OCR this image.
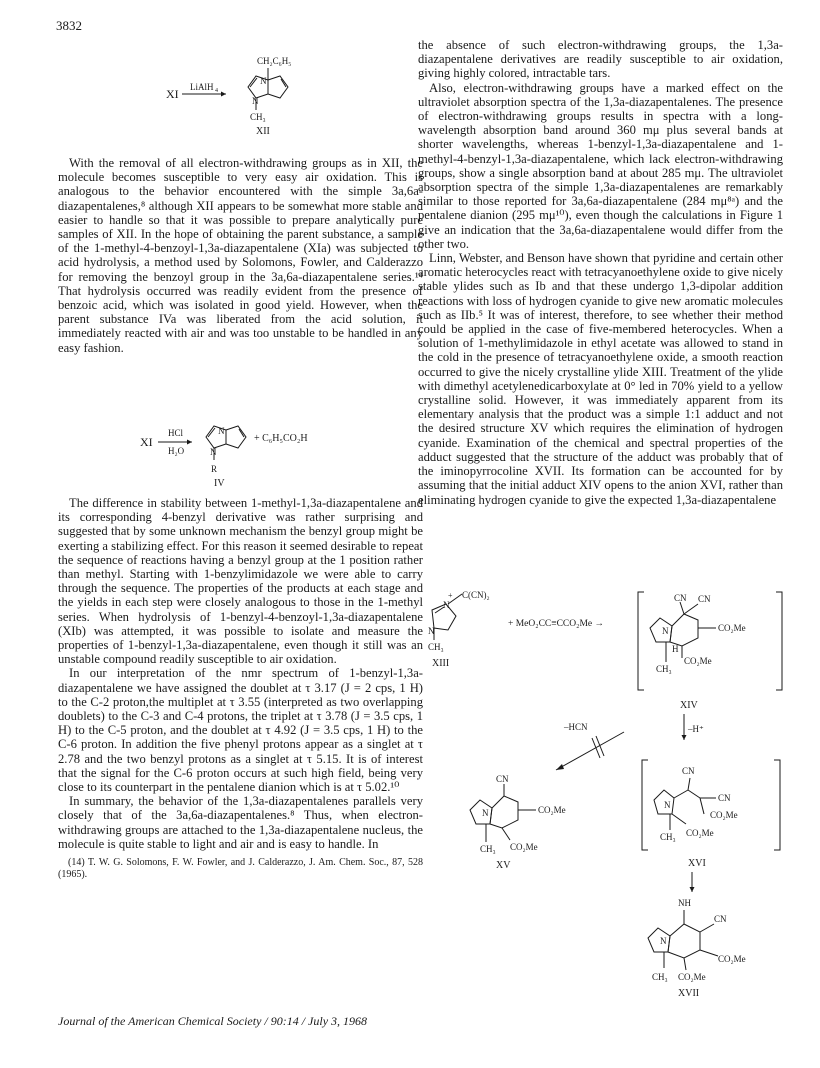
3832
XI LiAlH 4
N
N
CH₂C₆H₅
CH₃
XII

With the removal of all electron-withdrawing groups as in XII, the molecule becomes susceptible to very easy air oxidation. This is analogous to the behavior encountered with the simple 3a,6a-diazapentalenes,⁸ although XII appears to be somewhat more stable and easier to handle so that it was possible to prepare analytically pure samples of XII. In the hope of obtaining the parent substance, a sample of the 1-methyl-4-benzoyl-1,3a-diazapentalene (XIa) was subjected to acid hydrolysis, a method used by Solomons, Fowler, and Calderazzo for removing the benzoyl group in the 3a,6a-diazapentalene series.¹⁴ That hydrolysis occurred was readily evident from the presence of benzoic acid, which was isolated in good yield. However, when the parent substance IVa was liberated from the acid solution, it immediately reacted with air and was too unstable to be handled in any easy fashion.

XI
HCl
H₂O
N
N
R
+ C₆H₅CO₂H
IV

The difference in stability between 1-methyl-1,3a-diazapentalene and its corresponding 4-benzyl derivative was rather surprising and suggested that by some unknown mechanism the benzyl group might be exerting a stabilizing effect. For this reason it seemed desirable to repeat the sequence of reactions having a benzyl group at the 1 position rather than methyl. Starting with 1-benzylimidazole we were able to carry through the sequence. The properties of the products at each stage and the yields in each step were closely analogous to those in the 1-methyl series. When hydrolysis of 1-benzyl-4-benzoyl-1,3a-diazapentalene (XIb) was attempted, it was possible to isolate and measure the properties of 1-benzyl-1,3a-diazapentalene, even though it still was an unstable compound readily susceptible to air oxidation.

In our interpretation of the nmr spectrum of 1-benzyl-1,3a-diazapentalene we have assigned the doublet at τ 3.17 (J = 2 cps, 1 H) to the C-2 proton,the multiplet at τ 3.55 (interpreted as two overlapping doublets) to the C-3 and C-4 protons, the triplet at τ 3.78 (J = 3.5 cps, 1 H) to the C-5 proton, and the doublet at τ 4.92 (J = 3.5 cps, 1 H) to the C-6 proton. In addition the five phenyl protons appear as a singlet at τ 2.78 and the two benzyl protons as a singlet at τ 5.15. It is of interest that the signal for the C-6 proton occurs at such high field, being very close to its counterpart in the pentalene dianion which is at τ 5.02.¹⁰

In summary, the behavior of the 1,3a-diazapentalenes parallels very closely that of the 3a,6a-diazapentalenes.⁸ Thus, when electron-withdrawing groups are attached to the 1,3a-diazapentalene nucleus, the molecule is quite stable to light and air and is easy to handle. In

(14) T. W. G. Solomons, F. W. Fowler, and J. Calderazzo, J. Am. Chem. Soc., 87, 528 (1965).

the absence of such electron-withdrawing groups, the 1,3a-diazapentalene derivatives are readily susceptible to air oxidation, giving highly colored, intractable tars.

Also, electron-withdrawing groups have a marked effect on the ultraviolet absorption spectra of the 1,3a-diazapentalenes. The presence of electron-withdrawing groups results in spectra with a long-wavelength absorption band around 360 mμ plus several bands at shorter wavelengths, whereas 1-benzyl-1,3a-diazapentalene and 1-methyl-4-benzyl-1,3a-diazapentalene, which lack electron-withdrawing groups, show a single absorption band at about 285 mμ. The ultraviolet absorption spectra of the simple 1,3a-diazapentalenes are remarkably similar to those reported for 3a,6a-diazapentalene (284 mμ⁸ᵃ) and the pentalene dianion (295 mμ¹⁰), even though the calculations in Figure 1 give an indication that the 3a,6a-diazapentalene would differ from the other two.

Linn, Webster, and Benson have shown that pyridine and certain other aromatic heterocycles react with tetracyanoethylene oxide to give nicely stable ylides such as Ib and that these undergo 1,3-dipolar addition reactions with loss of hydrogen cyanide to give new aromatic molecules such as IIb.⁵ It was of interest, therefore, to see whether their method could be applied in the case of five-membered heterocycles. When a solution of 1-methylimidazole in ethyl acetate was allowed to stand in the cold in the presence of tetracyanoethylene oxide, a smooth reaction occurred to give the nicely crystalline ylide XIII. Treatment of the ylide with dimethyl acetylenedicarboxylate at 0° led in 70% yield to a yellow crystalline solid. However, it was immediately apparent from its elementary analysis that the product was a simple 1:1 adduct and not the desired structure XV which requires the elimination of hydrogen cyanide. Examination of the chemical and spectral properties of the adduct suggested that the structure of the adduct was probably that of the iminopyrrocoline XVII. Its formation can be accounted for by assuming that the initial adduct XIV opens to the anion XVI, rather than eliminating hydrogen cyanide to give the expected 1,3a-diazapentalene

N
+ C(CN)₂
N
CH₃
XIII
+ MeO₂CC≡CCO₂Me →
CN CN
N	CO₂Me
H
CO₂Me
CH₃
XIV
–HCN	–H⁺
CN
N	CO₂Me
CO₂Me
CH₃
XV
CN
CN
N
CO₂Me
CO₂Me
CH₃
XVI
NH
CN
N
CO₂Me
CO₂Me
CH₃
XVII
Journal of the American Chemical Society / 90:14 / July 3, 1968
